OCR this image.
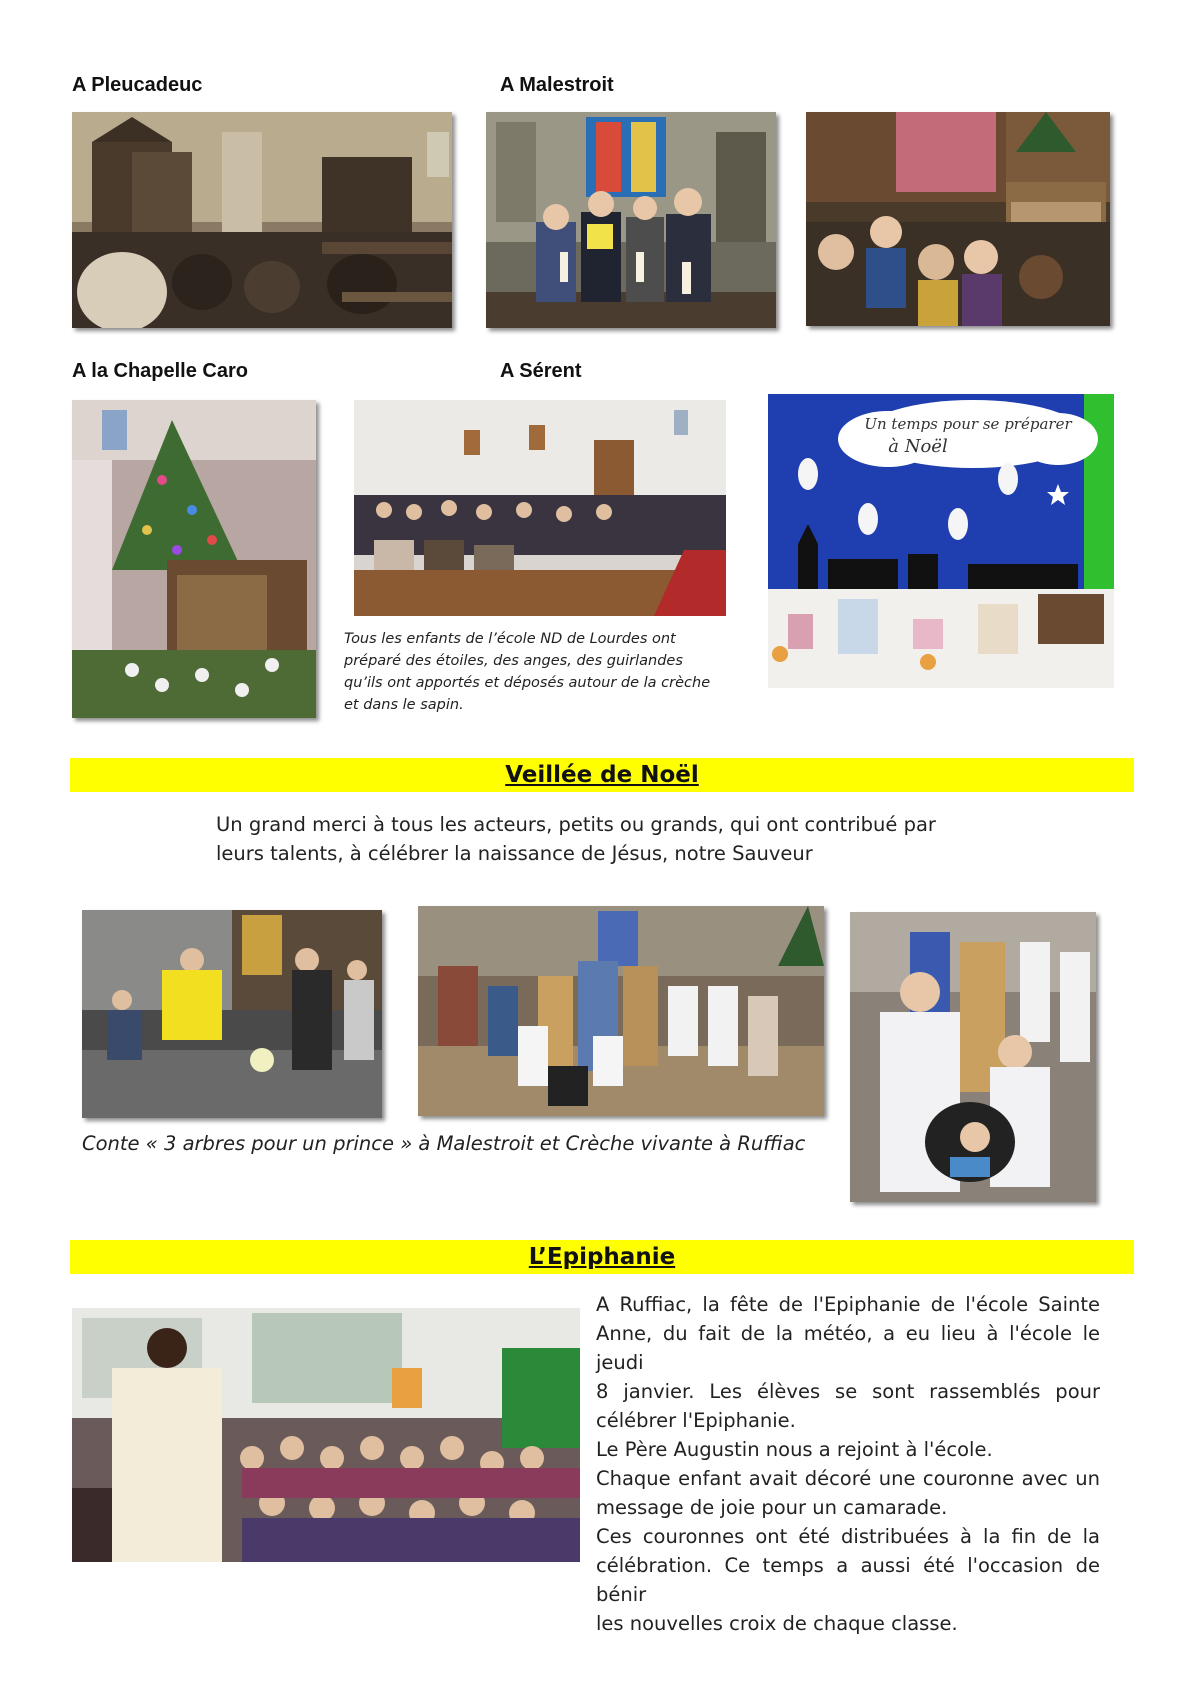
A Pleucadeuc	A Malestroit
A la Chapelle Caro	A Sérent
Tous les enfants de l’école ND de Lourdes ont
préparé des étoiles, des anges, des guirlandes
qu’ils ont apportés et déposés autour de la crèche
et dans le sapin.
Un temps pour se préparer
à Noël
Veillée de Noël
Un grand merci à tous les acteurs, petits ou grands, qui ont contribué par
leurs talents, à célébrer la naissance de Jésus, notre Sauveur
Conte « 3 arbres pour un prince » à Malestroit et Crèche vivante à Ruffiac
L’Epiphanie

A Ruffiac, la fête de l'Epiphanie de l'école Sainte

Anne, du fait de la météo, a eu lieu à l'école le jeudi

8 janvier. Les élèves se sont rassemblés pour

célébrer l'Epiphanie.

Le Père Augustin nous a rejoint à l'école.

Chaque enfant avait décoré une couronne avec un

message de joie pour un camarade.

Ces couronnes ont été distribuées à la fin de la

célébration. Ce temps a aussi été l'occasion de bénir

les nouvelles croix de chaque classe.
